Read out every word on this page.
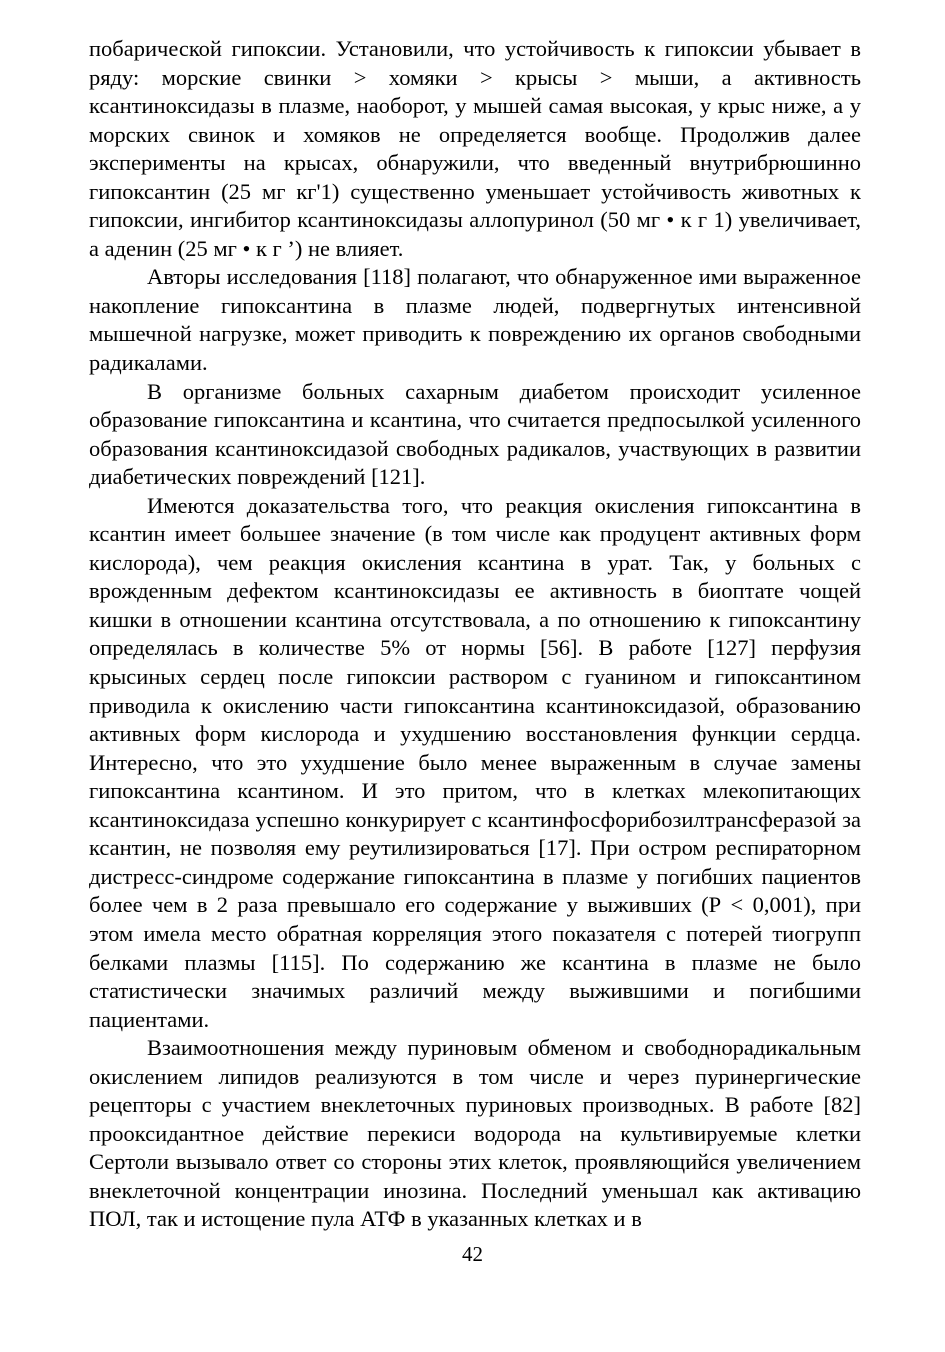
побарической гипоксии. Установили, что устойчивость к гипоксии убывает в ряду: морские свинки > хомяки > крысы > мыши, а активность ксантиноксидазы в плазме, наоборот, у мышей самая высокая, у крыс ниже, а у морских свинок и хомяков не определяется вообще. Продолжив далее эксперименты на крысах, обнаружили, что введенный внутрибрюшинно гипоксантин (25 мг кг'1) существенно уменьшает устойчивость животных к гипоксии, ингибитор ксантиноксидазы аллопуринол (50 мг • к г 1) увеличивает, а аденин (25 мг • к г ’) не влияет.

Авторы исследования [118] полагают, что обнаруженное ими выраженное накопление гипоксантина в плазме людей, подвергнутых интенсивной мышечной нагрузке, может приводить к повреждению их органов свободными радикалами.

В организме больных сахарным диабетом происходит усиленное образование гипоксантина и ксантина, что считается предпосылкой усиленного образования ксантиноксидазой свободных радикалов, участвующих в развитии диабетических повреждений [121].

Имеются доказательства того, что реакция окисления гипоксантина в ксантин имеет большее значение (в том числе как продуцент активных форм кислорода), чем реакция окисления ксантина в урат. Так, у больных с врожденным дефектом ксантиноксидазы ее активность в биоптате чощей кишки в отношении ксантина отсутствовала, а по отношению к гипоксантину определялась в количестве 5% от нормы [56]. В работе [127] перфузия крысиных сердец после гипоксии раствором с гуанином и гипоксантином приводила к окислению части гипоксантина ксантиноксидазой, образованию активных форм кислорода и ухудшению восстановления функции сердца. Интересно, что это ухудшение было менее выраженным в случае замены гипоксантина ксантином. И это притом, что в клетках млекопитающих ксантиноксидаза успешно конкурирует с ксантинфосфорибозилтрансферазой за ксантин, не позволяя ему реутилизироваться [17]. При остром респираторном дистресс-синдроме содержание гипоксантина в плазме у погибших пациентов более чем в 2 раза превышало его содержание у выживших (Р < 0,001), при этом имела место обратная корреляция этого показателя с потерей тиогрупп белками плазмы [115]. По содержанию же ксантина в плазме не было статистически значимых различий между выжившими и погибшими пациентами.

Взаимоотношения между пуриновым обменом и свободнорадикальным окислением липидов реализуются в том числе и через пуринергические рецепторы с участием внеклеточных пуриновых производных. В работе [82] прооксидантное действие перекиси водорода на культивируемые клетки Сертоли вызывало ответ со стороны этих клеток, проявляющийся увеличением внеклеточной концентрации инозина. Последний уменьшал как активацию ПОЛ, так и истощение пула АТФ в указанных клетках и в

42
